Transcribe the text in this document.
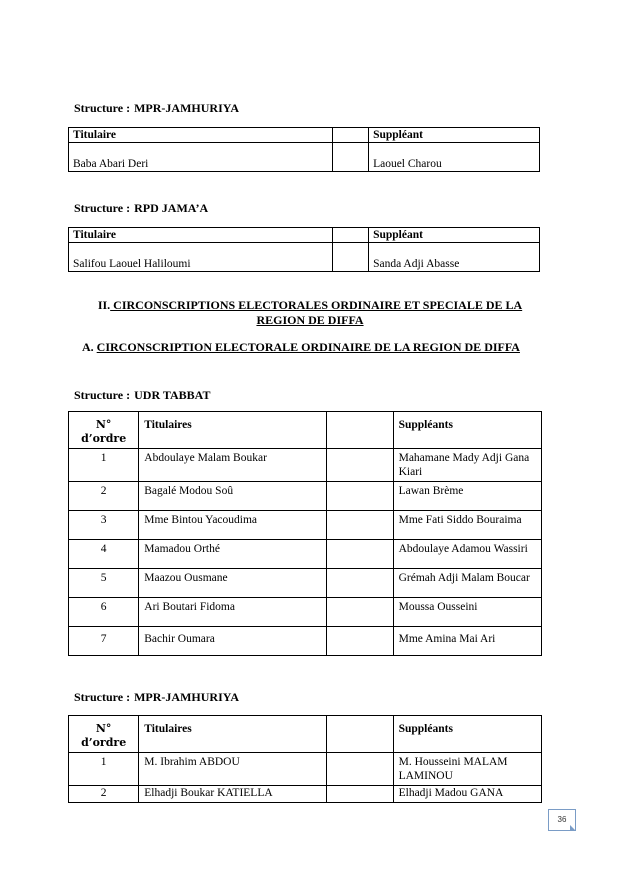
Structure : MPR-JAMHURIYA
Titulaire		Suppléant
Baba Abari Deri		Laouel Charou
Structure : RPD JAMA’A
Titulaire		Suppléant
Salifou Laouel Haliloumi		Sanda Adji Abasse
II. CIRCONSCRIPTIONS ELECTORALES ORDINAIRE ET SPECIALE DE LA REGION DE DIFFA
A. CIRCONSCRIPTION ELECTORALE ORDINAIRE DE LA REGION DE DIFFA
Structure : UDR TABBAT
N° d’ordre	Titulaires		Suppléants
1	Abdoulaye Malam Boukar		Mahamane Mady Adji Gana Kiari
2	Bagalé Modou Soû		Lawan Brème
3	Mme Bintou Yacoudima		Mme Fati Siddo Bouraima
4	Mamadou Orthé		Abdoulaye Adamou Wassiri
5	Maazou Ousmane		Grémah Adji Malam Boucar
6	Ari Boutari Fidoma		Moussa Ousseini
7	Bachir Oumara		Mme Amina Mai Ari
Structure : MPR-JAMHURIYA
N° d’ordre	Titulaires		Suppléants
1	M. Ibrahim ABDOU		M. Housseini MALAM LAMINOU
2	Elhadji Boukar KATIELLA		Elhadji Madou GANA
36
